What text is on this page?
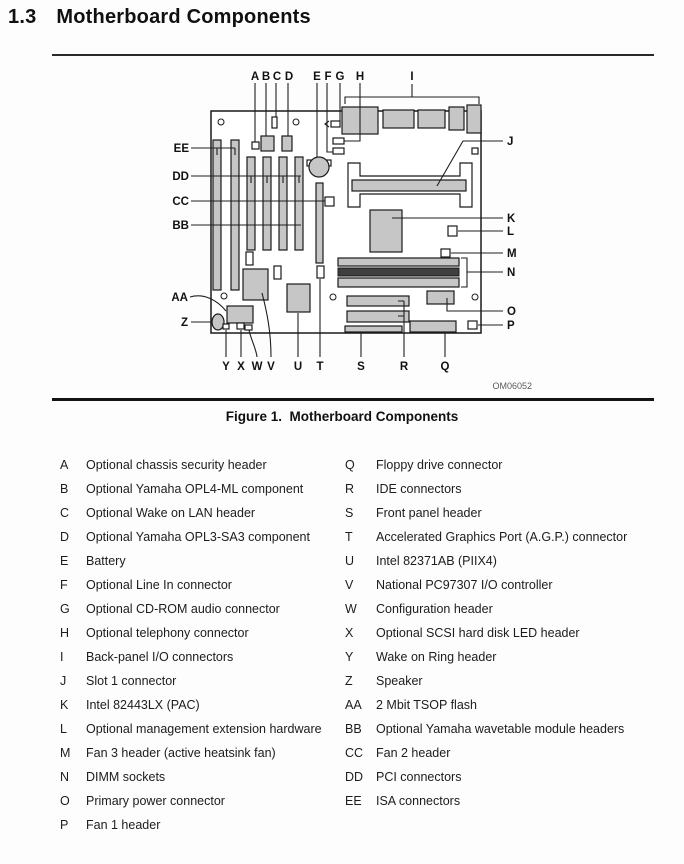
1.3 Motherboard Components
A B C D E F G H	I
J
K
L
M
N
O
P
EE
DD
CC
BB
AA
Z
Y X W V U T	S	R	Q
OM06052
Figure 1.  Motherboard Components
A	Optional chassis security header
B	Optional Yamaha OPL4-ML component
C	Optional Wake on LAN header
D	Optional Yamaha OPL3-SA3 component
E	Battery
F	Optional Line In connector
G	Optional CD-ROM audio connector
H	Optional telephony connector
I	Back-panel I/O connectors
J	Slot 1 connector
K	Intel 82443LX (PAC)
L	Optional management extension hardware
M	Fan 3 header (active heatsink fan)
N	DIMM sockets
O	Primary power connector
P	Fan 1 header
Q	Floppy drive connector
R	IDE connectors
S	Front panel header
T	Accelerated Graphics Port (A.G.P.) connector
U	Intel 82371AB (PIIX4)
V	National PC97307 I/O controller
W	Configuration header
X	Optional SCSI hard disk LED header
Y	Wake on Ring header
Z	Speaker
AA	2 Mbit TSOP flash
BB	Optional Yamaha wavetable module headers
CC	Fan 2 header
DD	PCI connectors
EE	ISA connectors
